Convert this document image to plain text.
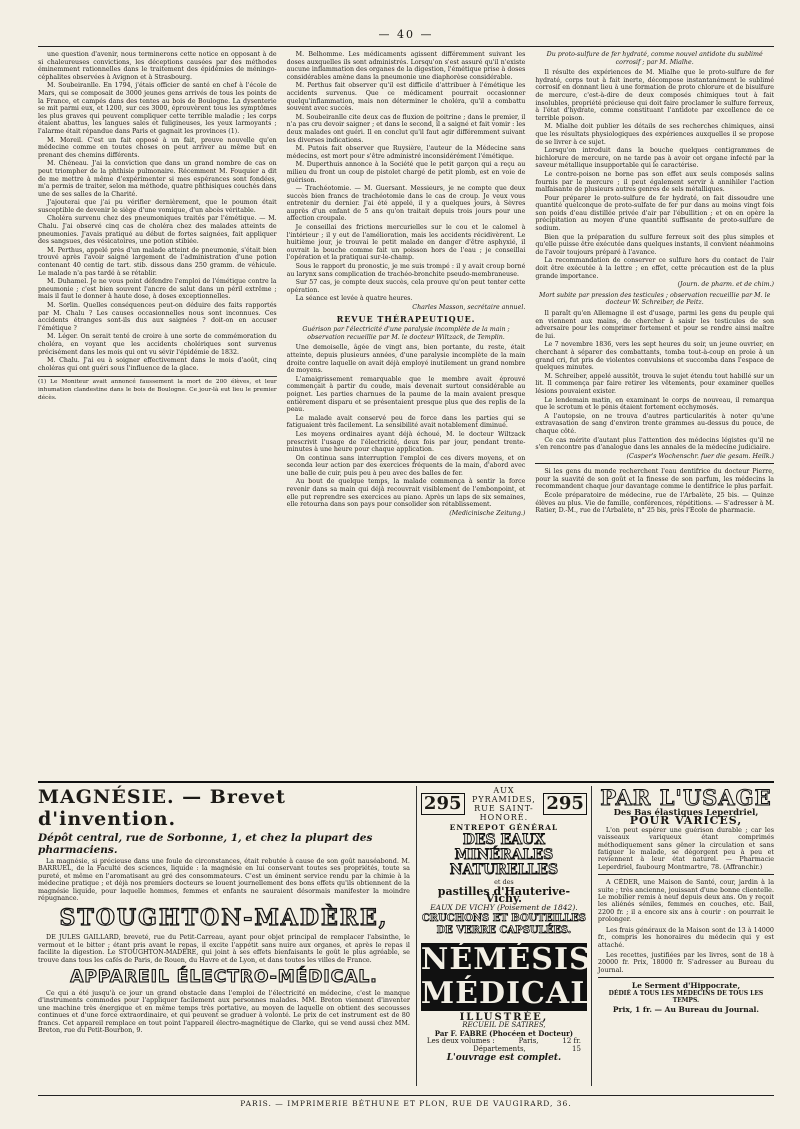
— 40 —

une question d'avenir, nous terminerons cette notice en opposant à de si chaleureuses convictions, les déceptions causées par des méthodes éminemment rationnelles dans le traitement des épidémies de méningo-céphalites observées à Avignon et à Strasbourg.

M. Soubeiranlle. En 1794, j'étais officier de santé en chef à l'école de Mars, qui se composait de 3000 jeunes gens arrivés de tous les points de la France, et campés dans des tentes au bois de Boulogne. La dysenterie se mit parmi eux, et 1200, sur ces 3000, éprouvèrent tous les symptômes les plus graves qui peuvent compliquer cette terrible maladie ; les corps étaient abattus, les langues sales et fuligineuses, les yeux larmoyants ; l'alarme était répandue dans Paris et gagnait les provinces (1).

M. Moreil. C'est un fait opposé à un fait, preuve nouvelle qu'en médecine comme en toutes choses on peut arriver au même but en prenant des chemins différents.

M. Chéneau. J'ai la conviction que dans un grand nombre de cas on peut triompher de la phthisie pulmonaire. Récemment M. Fouquier a dit de me mettre à même d'expérimenter si mes espérances sont fondées, m'a permis de traiter, selon ma méthode, quatre phthisiques couchés dans une de ses salles de la Charité.

J'ajouterai que j'ai pu vérifier dernièrement, que le poumon était susceptible de devenir le siège d'une vomique, d'un abcès véritable.

Choléra survenu chez des pneumoniques traités par l'émétique. — M. Chalu. J'ai observé cinq cas de choléra chez des malades atteints de pneumonies. J'avais pratiqué au début de fortes saignées, fait appliquer des sangsues, des vésicatoires, une potion stibiée.

M. Perthus, appelé près d'un malade atteint de pneumonie, s'était bien trouvé après l'avoir saigné largement de l'administration d'une potion contenant 40 centig de tart. stib. dissous dans 250 gramm. de véhicule. Le malade n'a pas tardé à se rétablir.

M. Duhamel. Je ne vous point défendre l'emploi de l'émétique contre la pneumonie ; c'est bien souvent l'ancre de salut dans un péril extrême ; mais il faut le donner à haute dose, à doses exceptionnelles.

M. Sorlin. Quelles conséquences peut-on déduire des faits rapportés par M. Chalu ? Les causes occasionnelles nous sont inconnues. Ces accidents étranges sont-ils dus aux saignées ? doit-on en accuser l'émétique ?

M. Léger. On serait tenté de croire à une sorte de commémoration du choléra, en voyant que les accidents cholériques sont survenus précisément dans les mois qui ont vu sévir l'épidémie de 1832.

M. Chalu. J'ai eu à soigner effectivement dans le mois d'août, cinq choléras qui ont guéri sous l'influence de la glace.

(1) Le Moniteur avait annoncé faussement la mort de 200 élèves, et leur inhumation clandestine dans le bois de Boulogne. Ce jour-là eut lieu le premier décès.

M. Belhomme. Les médicaments agissent différemment suivant les doses auxquelles ils sont administrés. Lorsqu'on s'est assuré qu'il n'existe aucune inflammation des organes de la digestion, l'émétique prise à doses considérables amène dans la pneumonie une diaphorèse considérable.

M. Perthus fait observer qu'il est difficile d'attribuer à l'émétique les accidents survenus. Que ce médicament pourrait occasionner quelqu'inflammation, mais non déterminer le choléra, qu'il a combattu souvent avec succès.

M. Soubeiranlle cite deux cas de fluxion de poitrine ; dans le premier, il n'a pas cru devoir saigner ; et dans le second, il a saigné et fait vomir : les deux malades ont guéri. Il en conclut qu'il faut agir différemment suivant les diverses indications.

M. Putois fait observer que Ruysière, l'auteur de la Médecine sans médecins, est mort pour s'être administré inconsidérément l'émétique.

M. Duperthuis annonce à la Société que le petit garçon qui a reçu au milieu du front un coup de pistolet chargé de petit plomb, est en voie de guérison.

— Trachéotomie. — M. Guersant. Messieurs, je ne compte que deux succès bien francs de trachéotomie dans le cas de croup. Je veux vous entretenir du dernier. J'ai été appelé, il y a quelques jours, à Sèvres auprès d'un enfant de 5 ans qu'on traitait depuis trois jours pour une affection croupale.

Je conseillai des frictions mercurielles sur le cou et le calomel à l'intérieur ; il y eut de l'amélioration, mais les accidents récidivèrent. Le huitième jour, je trouvai le petit malade en danger d'être asphyxié, il ouvrait la bouche comme fait un poisson hors de l'eau ; je conseillai l'opération et la pratiquai sur-le-champ.

Sous le rapport du pronostic, je me suis trompé : il y avait croup borné au larynx sans complication de trachéo-bronchite pseudo-membraneuse.

Sur 57 cas, je compte deux succès, cela prouve qu'on peut tenter cette opération.

La séance est levée à quatre heures.

Charles Masson, secrétaire annuel.
REVUE THÉRAPEUTIQUE.
Guérison par l'électricité d'une paralysie incomplète de la main ; observation recueillie par M. le docteur Wiltzack, de Templin.

Une demoiselle, âgée de vingt ans, bien portante, du reste, était atteinte, depuis plusieurs années, d'une paralysie incomplète de la main droite contre laquelle on avait déjà employé inutilement un grand nombre de moyens.

L'amaigrissement remarquable que le membre avait éprouvé commençait à partir du coude, mais devenait surtout considérable au poignet. Les parties charnues de la paume de la main avaient presque entièrement disparu et se présentaient presque plus que des replis de la peau.

Le malade avait conservé peu de force dans les parties qui se fatiguaient très facilement. La sensibilité avait notablement diminué.

Les moyens ordinaires ayant déjà échoué, M. le docteur Wiltzack prescrivit l'usage de l'électricité, deux fois par jour, pendant trente-minutes à une heure pour chaque application.

On continua sans interruption l'emploi de ces divers moyens, et on seconda leur action par des exercices fréquents de la main, d'abord avec une balle de cuir, puis peu à peu avec des balles de fer.

Au bout de quelque temps, la malade commença à sentir la force revenir dans sa main qui déjà recouvrait visiblement de l'embonpoint, et elle put reprendre ses exercices au piano. Après un laps de six semaines, elle retourna dans son pays pour consolider son rétablissement.

(Medicinische Zeitung.)
Du proto-sulfure de fer hydraté, comme nouvel antidote du sublimé corrosif ; par M. Mialhe.

Il résulte des expériences de M. Mialhe que le proto-sulfure de fer hydraté, corps tout à fait inerte, décompose instantanément le sublimé corrosif en donnant lieu à une formation de proto chlorure et de bisulfure de mercure, c'est-à-dire de deux composés chimiques tout à fait insolubles, propriété précieuse qui doit faire proclamer le sulfure ferreux, à l'état d'hydrate, comme constituant l'antidote par excellence de ce terrible poison.

M. Mialhe doit publier les détails de ses recherches chimiques, ainsi que les résultats physiologiques des expériences auxquelles il se propose de se livrer à ce sujet.

Lorsqu'on introduit dans la bouche quelques centigrammes de bichlorure de mercure, on ne tarde pas à avoir cet organe infecté par la saveur métallique insupportable qui le caractérise.

Le contre-poison ne borne pas son effet aux seuls composés salins fournis par le mercure ; il peut également servir à annihiler l'action malfaisante de plusieurs autres genres de sels métalliques.

Pour préparer le proto-sulfure de fer hydraté, on fait dissoudre une quantité quelconque de proto-sulfate de fer pur dans au moins vingt fois son poids d'eau distillée privée d'air par l'ébullition ; et on en opère la précipitation au moyen d'une quantité suffisante de proto-sulfure de sodium.

Bien que la préparation du sulfure ferreux soit des plus simples et qu'elle puisse être exécutée dans quelques instants, il convient néanmoins de l'avoir toujours préparé à l'avance.

La recommandation de conserver ce sulfure hors du contact de l'air doit être exécutée à la lettre ; en effet, cette précaution est de la plus grande importance.

(Journ. de pharm. et de chim.)
Mort subite par pression des testicules ; observation recueillie par M. le docteur W. Schreiber, de Peitz.

Il paraît qu'en Allemagne il est d'usage, parmi les gens du peuple qui en viennent aux mains, de chercher à saisir les testicules de son adversaire pour les comprimer fortement et pour se rendre ainsi maître de lui.

Le 7 novembre 1836, vers les sept heures du soir, un jeune ouvrier, en cherchant à séparer des combattants, tomba tout-à-coup en proie à un grand cri, fut pris de violentes convulsions et succomba dans l'espace de quelques minutes.

M. Schreiber, appelé aussitôt, trouva le sujet étendu tout habillé sur un lit. Il commença par faire retirer les vêtements, pour examiner quelles lésions pouvaient exister.

Le lendemain matin, en examinant le corps de nouveau, il remarqua que le scrotum et le pénis étaient fortement ecchymosés.

A l'autopsie, on ne trouva d'autres particularités à noter qu'une extravasation de sang d'environ trente grammes au-dessus du pouce, de chaque côté.

Ce cas mérite d'autant plus l'attention des médecins légistes qu'il ne s'en rencontre pas d'analogue dans les annales de la médecine judiciaire.

(Casper's Wochenschr. fuer die gesam. Heilk.)

Si les gens du monde recherchent l'eau dentifrice du docteur Pierre, pour la suavité de son goût et la finesse de son parfum, les médecins la recommandent chaque jour davantage comme le dentifrice le plus parfait.

École préparatoire de médecine, rue de l'Arbalète, 25 bis. — Quinze élèves au plus. Vie de famille, conférences, répétitions. — S'adresser à M. Ratier, D.-M., rue de l'Arbalète, n° 25 bis, près l'École de pharmacie.

MAGNÉSIE. — Brevet d'invention.
Dépôt central, rue de Sorbonne, 1, et chez la plupart des pharmaciens.

La magnésie, si précieuse dans une foule de circonstances, était rebutée à cause de son goût nauséabond. M. BARRUEL, de la Faculté des sciences, liquide : la magnésie en lui conservant toutes ses propriétés, toute sa pureté, et même en l'aromatisant au gré des consommateurs. C'est un éminent service rendu par la chimie à la médecine pratique ; et déjà nos premiers docteurs se louent journellement des bons effets qu'ils obtiennent de la magnésie liquide, pour laquelle hommes, femmes et enfants ne sauraient désormais manifester la moindre répugnance.

STOUGHTON-MADÈRE,

DE JULES GAILLARD, breveté, rue du Petit-Carreau, ayant pour objet principal de remplacer l'absinthe, le vermout et le bitter ; étant pris avant le repas, il excite l'appétit sans nuire aux organes, et après le repas il facilite la digestion. Le STOUGHTON-MADÈRE, qui joint à ses effets bienfaisants le goût le plus agréable, se trouve dans tous les cafés de Paris, de Rouen, du Havre et de Lyon, et dans toutes les villes de France.

APPAREIL ÉLECTRO-MÉDICAL.

Ce qui a été jusqu'à ce jour un grand obstacle dans l'emploi de l'électricité en médecine, c'est le manque d'instruments commodes pour l'appliquer facilement aux personnes malades. MM. Breton viennent d'inventer une machine très énergique et en même temps très portative, au moyen de laquelle on obtient des secousses continues et d'une force extraordinaire, et qui peuvent se graduer à volonté. Le prix de cet instrument est de 80 francs. Cet appareil remplace en tout point l'appareil électro-magnétique de Clarke, qui se vend aussi chez MM. Breton, rue du Petit-Bourbon, 9.

295
AUX PYRAMIDES,
RUE SAINT-HONORÉ.
295
ENTREPOT GÉNÉRAL
DES EAUX MINÉRALES NATURELLES
et des
pastilles d'Hauterive-Vichy.
EAUX DE VICHY (Poisement de 1842).
CRUCHONS ET BOUTEILLES DE VERRE CAPSULÉES.
NÉMÉSIS MÉDICALE
ILLUSTRÉE,
RECUEIL DE SATIRES,
Par F. FABRE (Phocéen et Docteur)
Les deux volumes :	Paris,	12 fr.
Départements,	15
L'ouvrage est complet.
PAR L'USAGE
Des Bas élastiques Leperdriel,
POUR VARICES,

L'on peut espérer une guérison durable ; car les vaisseaux variqueux étant comprimés méthodiquement sans gêner la circulation et sans fatiguer le malade, se dégorgent peu à peu et reviennent à leur état naturel. — Pharmacie Leperdriel, faubourg Montmartre, 78. (Affranchir.)

A CÉDER, une Maison de Santé, cour, jardin à la suite ; très ancienne, jouissant d'une bonne clientelle. Le mobilier remis à neuf depuis deux ans. On y reçoit les aliénés séniles, femmes en couches, etc. Bail, 2200 fr. ; il a encore six ans à courir : on pourrait le prolonger.

Les frais généraux de la Maison sont de 13 à 14000 fr., compris les honoraires du médecin qui y est attaché.

Les recettes, justifiées par les livres, sont de 18 à 20000 fr. Prix, 18000 fr. S'adresser au Bureau du Journal.

Le Serment d'Hippocrate,
DÉDIÉ A TOUS LES MÉDECINS DE TOUS LES TEMPS.
Prix, 1 fr. — Au Bureau du Journal.
PARIS. — IMPRIMERIE BÉTHUNE ET PLON, RUE DE VAUGIRARD, 36.
